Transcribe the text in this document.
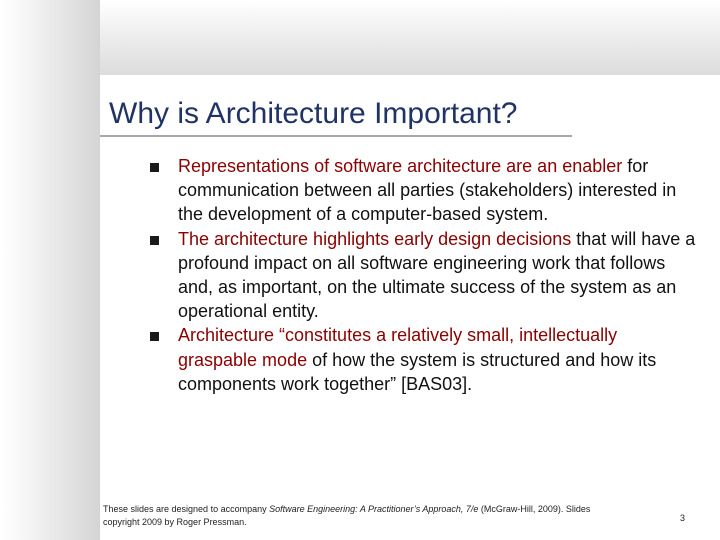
Why is Architecture Important?
Representations of software architecture are an enabler for communication between all parties (stakeholders) interested in the development of a computer-based system.
The architecture highlights early design decisions that will have a profound impact on all software engineering work that follows and, as important, on the ultimate success of the system as an operational entity.
Architecture “constitutes a relatively small, intellectually graspable mode of how the system is structured and how its components work together” [BAS03].
These slides are designed to accompany Software Engineering: A Practitioner’s Approach, 7/e (McGraw-Hill, 2009). Slides copyright 2009 by Roger Pressman.	3
